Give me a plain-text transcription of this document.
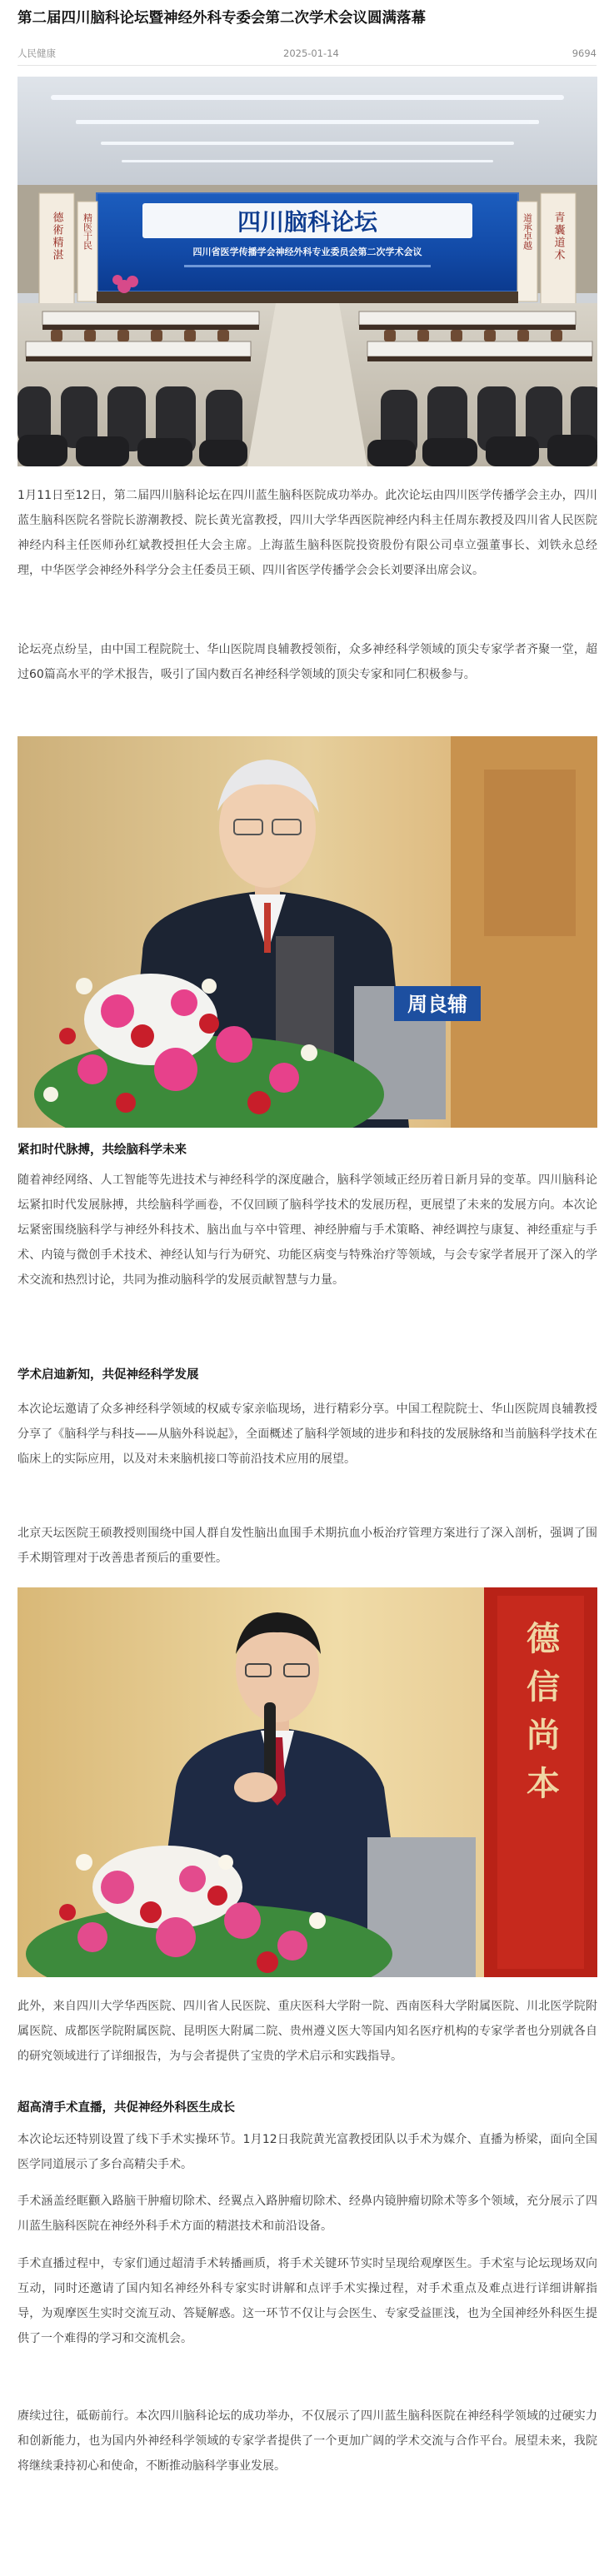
第二届四川脑科论坛暨神经外科专委会第二次学术会议圆满落幕
人民健康	2025-01-14	9694
四川脑科论坛
四川省医学传播学会神经外科专业委员会第二次学术会议
德術精湛 精医于民	青囊道术
道承卓越

1月11日至12日，第二届四川脑科论坛在四川蓝生脑科医院成功举办。此次论坛由四川医学传播学会主办，四川蓝生脑科医院名誉院长游潮教授、院长黄光富教授，四川大学华西医院神经内科主任周东教授及四川省人民医院神经内科主任医师孙红斌教授担任大会主席。上海蓝生脑科医院投资股份有限公司卓立强董事长、刘铁永总经理，中华医学会神经外科学分会主任委员王硕、四川省医学传播学会会长刘要泽出席会议。

论坛亮点纷呈，由中国工程院院士、华山医院周良辅教授领衔，众多神经科学领域的顶尖专家学者齐聚一堂，超过60篇高水平的学术报告，吸引了国内数百名神经科学领域的顶尖专家和同仁积极参与。

周良辅
紧扣时代脉搏，共绘脑科学未来

随着神经网络、人工智能等先进技术与神经科学的深度融合，脑科学领域正经历着日新月异的变革。四川脑科论坛紧扣时代发展脉搏，共绘脑科学画卷，不仅回顾了脑科学技术的发展历程，更展望了未来的发展方向。本次论坛紧密围绕脑科学与神经外科技术、脑出血与卒中管理、神经肿瘤与手术策略、神经调控与康复、神经重症与手术、内镜与微创手术技术、神经认知与行为研究、功能区病变与特殊治疗等领域，与会专家学者展开了深入的学术交流和热烈讨论，共同为推动脑科学的发展贡献智慧与力量。

学术启迪新知，共促神经科学发展

本次论坛邀请了众多神经科学领域的权威专家亲临现场，进行精彩分享。中国工程院院士、华山医院周良辅教授分享了《脑科学与科技——从脑外科说起》，全面概述了脑科学领域的进步和科技的发展脉络和当前脑科学技术在临床上的实际应用，以及对未来脑机接口等前沿技术应用的展望。

北京天坛医院王硕教授则围绕中国人群自发性脑出血围手术期抗血小板治疗管理方案进行了深入剖析，强调了围手术期管理对于改善患者预后的重要性。

德信尚本

此外，来自四川大学华西医院、四川省人民医院、重庆医科大学附一院、西南医科大学附属医院、川北医学院附属医院、成都医学院附属医院、昆明医大附属二院、贵州遵义医大等国内知名医疗机构的专家学者也分别就各自的研究领域进行了详细报告，为与会者提供了宝贵的学术启示和实践指导。

超高清手术直播，共促神经外科医生成长

本次论坛还特别设置了线下手术实操环节。1月12日我院黄光富教授团队以手术为媒介、直播为桥梁，面向全国医学同道展示了多台高精尖手术。

手术涵盖经眶颧入路脑干肿瘤切除术、经翼点入路肿瘤切除术、经鼻内镜肿瘤切除术等多个领域，充分展示了四川蓝生脑科医院在神经外科手术方面的精湛技术和前沿设备。

手术直播过程中，专家们通过超清手术转播画质，将手术关键环节实时呈现给观摩医生。手术室与论坛现场双向互动，同时还邀请了国内知名神经外科专家实时讲解和点评手术实操过程，对手术重点及难点进行详细讲解指导，为观摩医生实时交流互动、答疑解惑。这一环节不仅让与会医生、专家受益匪浅，也为全国神经外科医生提供了一个难得的学习和交流机会。

赓续过往，砥砺前行。本次四川脑科论坛的成功举办，不仅展示了四川蓝生脑科医院在神经科学领域的过硬实力和创新能力，也为国内外神经科学领域的专家学者提供了一个更加广阔的学术交流与合作平台。展望未来，我院将继续秉持初心和使命，不断推动脑科学事业发展。
